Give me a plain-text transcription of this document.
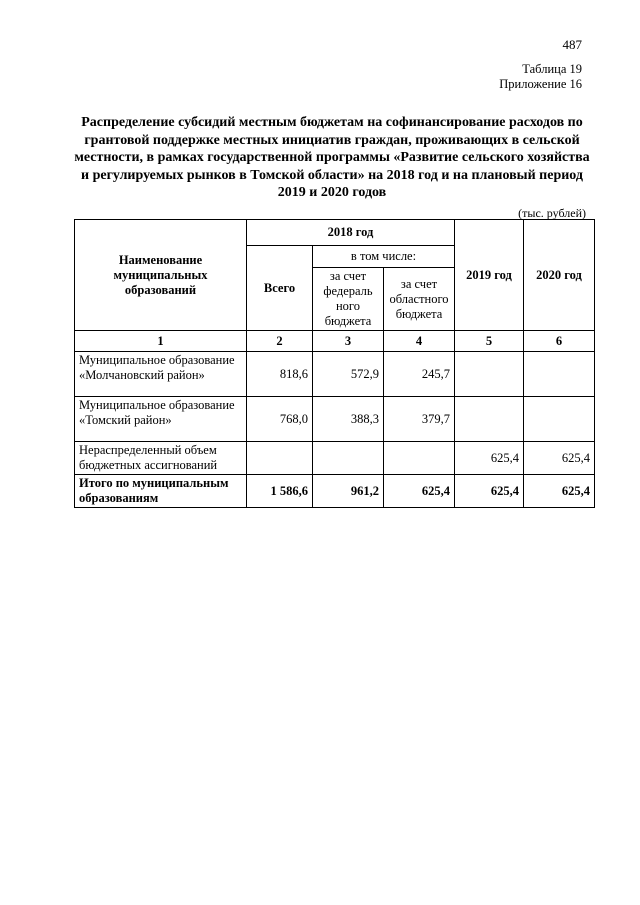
487
Таблица 19
Приложение 16
Распределение субсидий местным бюджетам на софинансирование расходов по грантовой поддержке местных инициатив граждан, проживающих в сельской местности, в рамках государственной программы «Развитие сельского хозяйства и регулируемых рынков в Томской области» на 2018 год и на плановый период 2019 и 2020 годов
(тыс. рублей)
Наименование муниципальных образований	2018 год			2019 год	2020 год
	Всего	в том числе:			
		за счет федераль ного бюджета	за счет областного бюджета		
1	2	3	4	5	6
Муниципальное образование «Молчановский район»	818,6	572,9	245,7		
Муниципальное образование «Томский район»	768,0	388,3	379,7		
Нераспределенный объем бюджетных ассигнований				625,4	625,4
Итого по муниципальным образованиям	1 586,6	961,2	625,4	625,4	625,4
